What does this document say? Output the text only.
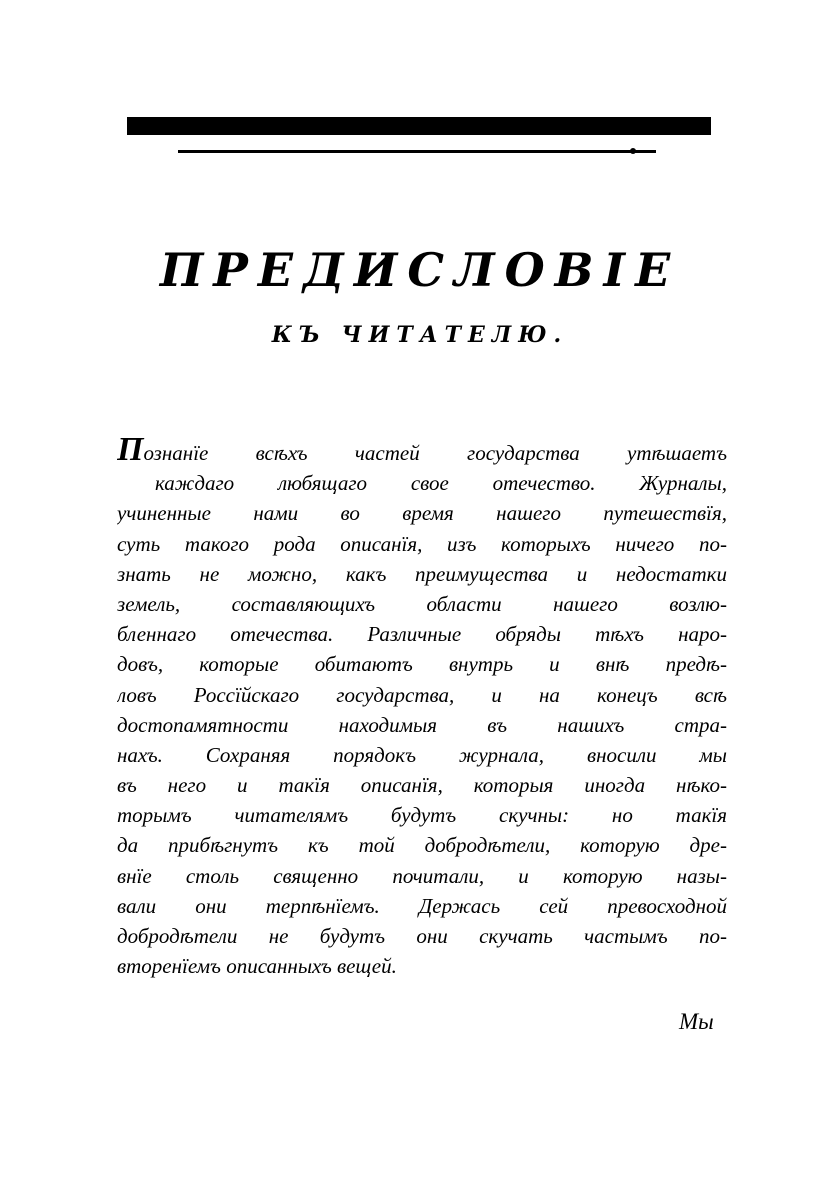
ПРЕДИСЛОВІЕ
КЪ ЧИТАТЕЛЮ.
Познанїе всѣхъ частей государства утѣшаетъ
каждаго любящаго свое отечество. Журналы,
учиненные нами во время нашего путешествїя,
суть такого рода описанїя, изъ которыхъ ничего по-
знать не можно, какъ преимущества и недостатки
земель, составляющихъ области нашего возлю-
бленнаго отечества. Различные обряды тѣхъ наро-
довъ, которые обитаютъ внутрь и внѣ предѣ-
ловъ Россїйскаго государства, и на конецъ всѣ
достопамятности находимыя въ нашихъ стра-
нахъ. Сохраняя порядокъ журнала, вносили мы
въ него и такїя описанїя, которыя иногда нѣко-
торымъ читателямъ будутъ скучны: но такїя
да прибѣгнутъ къ той добродѣтели, которую дре-
внїе столь священно почитали, и которую назы-
вали они терпѣнїемъ. Держась сей превосходной
добродѣтели не будутъ они скучать частымъ по-
вторенїемъ описанныхъ вещей.
Мы
